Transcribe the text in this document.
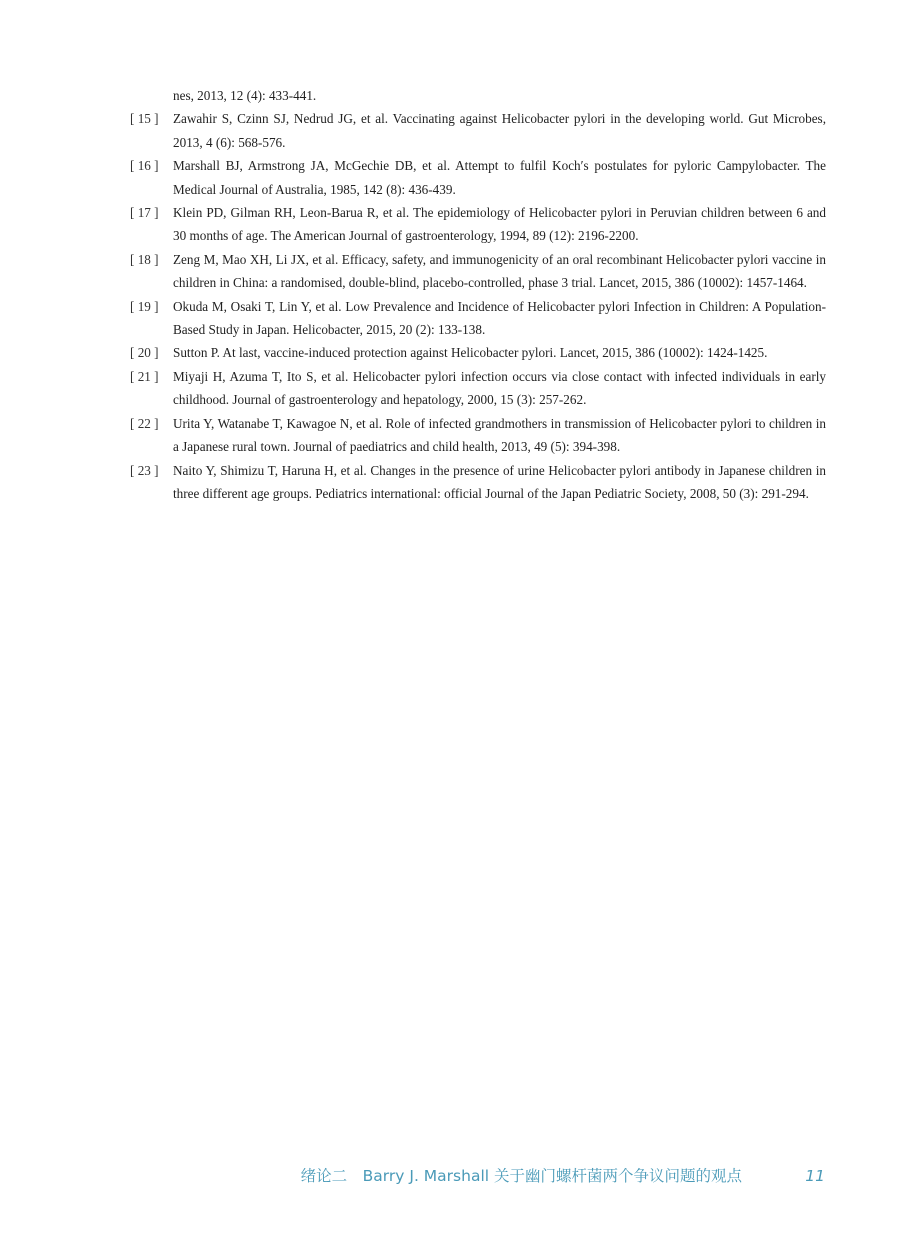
nes, 2013, 12 (4): 433-441.
[ 15 ]	Zawahir S, Czinn SJ, Nedrud JG, et al. Vaccinating against Helicobacter pylori in the developing world. Gut Microbes, 2013, 4 (6): 568-576.
[ 16 ]	Marshall BJ, Armstrong JA, McGechie DB, et al. Attempt to fulfil Koch′s postulates for pyloric Campylobacter. The Medical Journal of Australia, 1985, 142 (8): 436-439.
[ 17 ]	Klein PD, Gilman RH, Leon-Barua R, et al. The epidemiology of Helicobacter pylori in Peruvian children between 6 and 30 months of age. The American Journal of gastroenterology, 1994, 89 (12): 2196-2200.
[ 18 ]	Zeng M, Mao XH, Li JX, et al. Efficacy, safety, and immunogenicity of an oral recombinant Helicobacter pylori vaccine in children in China: a randomised, double-blind, placebo-controlled, phase 3 trial. Lancet, 2015, 386 (10002): 1457-1464.
[ 19 ]	Okuda M, Osaki T, Lin Y, et al. Low Prevalence and Incidence of Helicobacter pylori Infection in Children: A Population-Based Study in Japan. Helicobacter, 2015, 20 (2): 133-138.
[ 20 ]	Sutton P. At last, vaccine-induced protection against Helicobacter pylori. Lancet, 2015, 386 (10002): 1424-1425.
[ 21 ]	Miyaji H, Azuma T, Ito S, et al. Helicobacter pylori infection occurs via close contact with infected individuals in early childhood. Journal of gastroenterology and hepatology, 2000, 15 (3): 257-262.
[ 22 ]	Urita Y, Watanabe T, Kawagoe N, et al. Role of infected grandmothers in transmission of Helicobacter pylori to children in a Japanese rural town. Journal of paediatrics and child health, 2013, 49 (5): 394-398.
[ 23 ]	Naito Y, Shimizu T, Haruna H, et al. Changes in the presence of urine Helicobacter pylori antibody in Japanese children in three different age groups. Pediatrics international: official Journal of the Japan Pediatric Society, 2008, 50 (3): 291-294.
绪论二　Barry J. Marshall 关于幽门螺杆菌两个争议问题的观点	11
